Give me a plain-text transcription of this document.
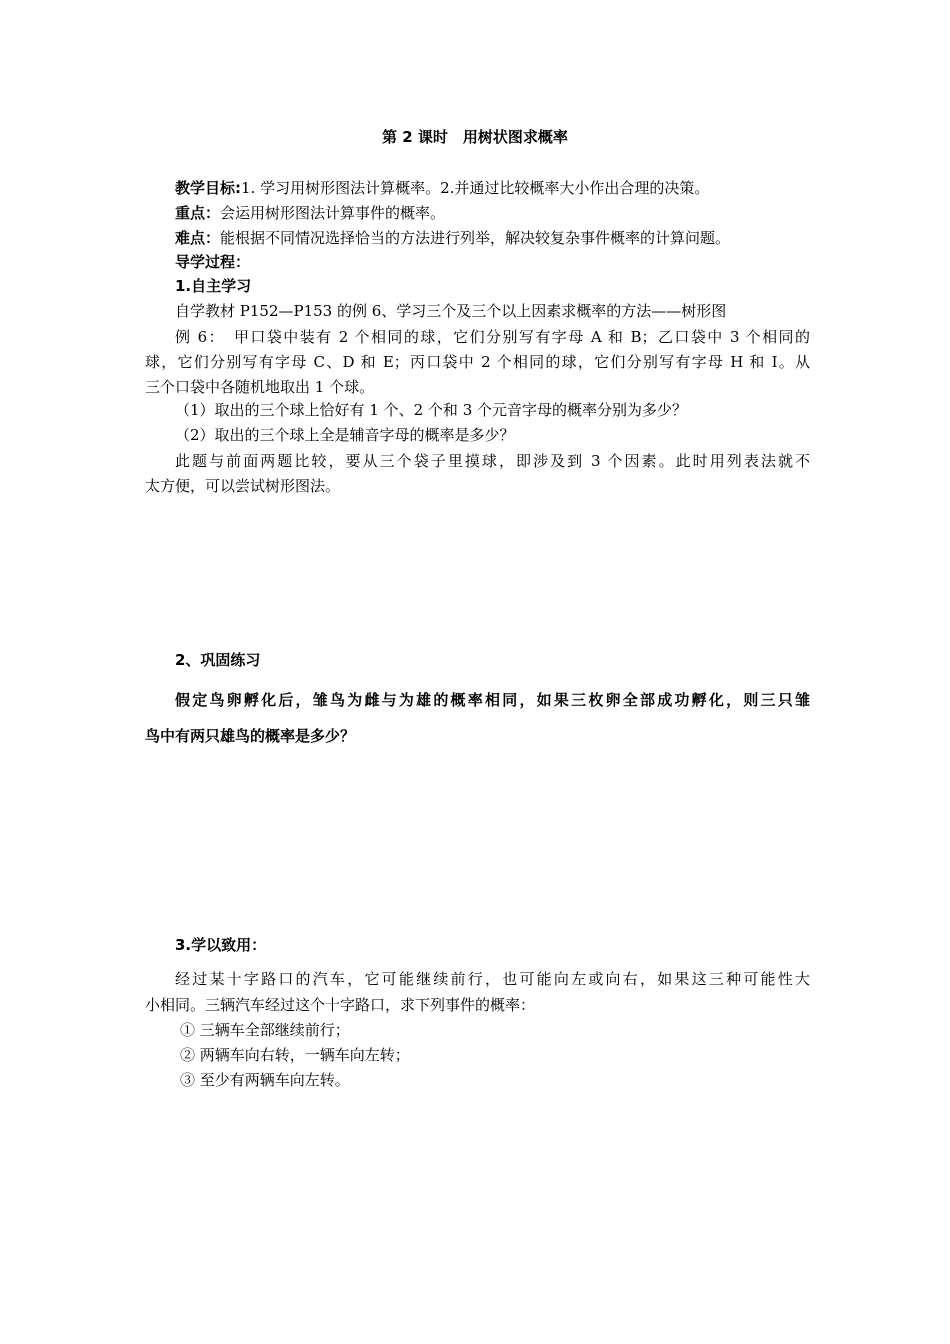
第 2 课时　用树状图求概率
教学目标:1. 学习用树形图法计算概率。2.并通过比较概率大小作出合理的决策。
重点：会运用树形图法计算事件的概率。
难点：能根据不同情况选择恰当的方法进行列举，解决较复杂事件概率的计算问题。
导学过程：
1.自主学习
自学教材 P152—P153 的例 6、学习三个及三个以上因素求概率的方法——树形图
例 6：　甲口袋中装有 2 个相同的球，它们分别写有字母 A 和 B；乙口袋中 3 个相同的
球，它们分别写有字母 C、D 和 E；丙口袋中 2 个相同的球，它们分别写有字母 H 和 I。从
三个口袋中各随机地取出 1 个球。
（1）取出的三个球上恰好有 1 个、2 个和 3 个元音字母的概率分别为多少？
（2）取出的三个球上全是辅音字母的概率是多少？
此题与前面两题比较，要从三个袋子里摸球，即涉及到 3 个因素。此时用列表法就不
太方便，可以尝试树形图法。
2、巩固练习
假定鸟卵孵化后，雏鸟为雌与为雄的概率相同，如果三枚卵全部成功孵化，则三只雏
鸟中有两只雄鸟的概率是多少？
3.学以致用：
经过某十字路口的汽车，它可能继续前行，也可能向左或向右，如果这三种可能性大
小相同。三辆汽车经过这个十字路口，求下列事件的概率：
① 三辆车全部继续前行；
② 两辆车向右转，一辆车向左转；
③ 至少有两辆车向左转。
